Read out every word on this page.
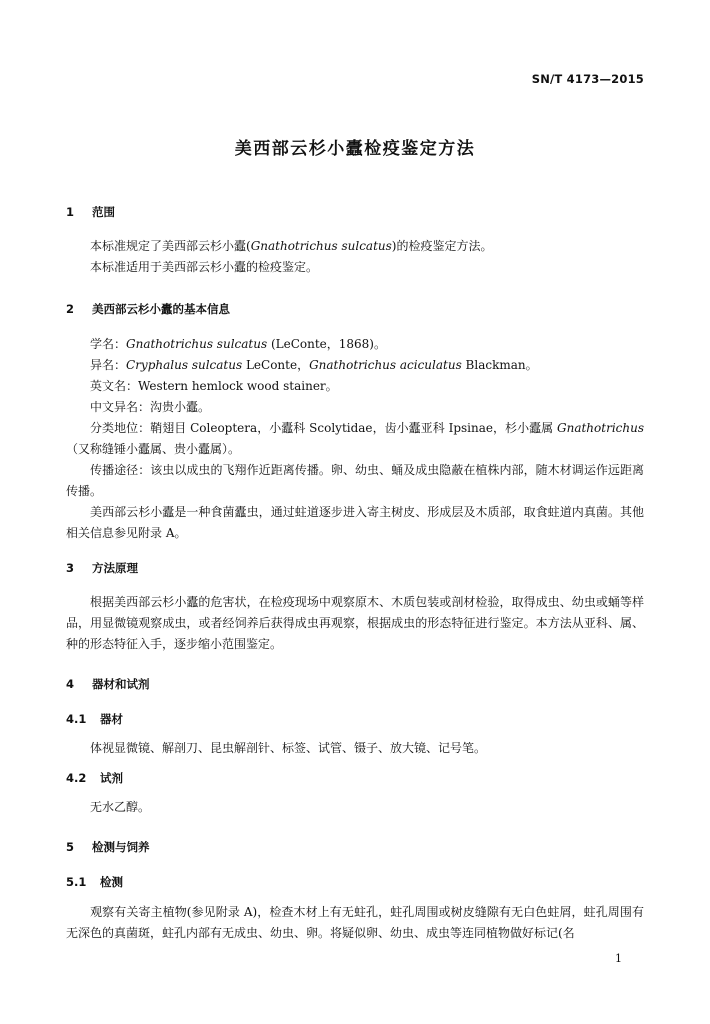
SN/T 4173—2015
美西部云杉小蠹检疫鉴定方法
1 范围
本标准规定了美西部云杉小蠹(Gnathotrichus sulcatus)的检疫鉴定方法。
本标准适用于美西部云杉小蠹的检疫鉴定。
2 美西部云杉小蠹的基本信息
学名：Gnathotrichus sulcatus (LeConte，1868)。
异名：Cryphalus sulcatus LeConte，Gnathotrichus aciculatus Blackman。
英文名：Western hemlock wood stainer。
中文异名：沟贵小蠹。
分类地位：鞘翅目 Coleoptera，小蠹科 Scolytidae，齿小蠹亚科 Ipsinae，杉小蠹属 Gnathotrichus（又称缝锤小蠹属、贵小蠹属）。
传播途径：该虫以成虫的飞翔作近距离传播。卵、幼虫、蛹及成虫隐蔽在植株内部，随木材调运作远距离传播。
美西部云杉小蠹是一种食菌蠹虫，通过蛀道逐步进入寄主树皮、形成层及木质部，取食蛀道内真菌。其他相关信息参见附录 A。
3 方法原理
根据美西部云杉小蠹的危害状，在检疫现场中观察原木、木质包装或剖材检验，取得成虫、幼虫或蛹等样品，用显微镜观察成虫，或者经饲养后获得成虫再观察，根据成虫的形态特征进行鉴定。本方法从亚科、属、种的形态特征入手，逐步缩小范围鉴定。
4 器材和试剂
4.1 器材
体视显微镜、解剖刀、昆虫解剖针、标签、试管、镊子、放大镜、记号笔。
4.2 试剂
无水乙醇。
5 检测与饲养
5.1 检测
观察有关寄主植物(参见附录 A)，检查木材上有无蛀孔，蛀孔周围或树皮缝隙有无白色蛀屑，蛀孔周围有无深色的真菌斑，蛀孔内部有无成虫、幼虫、卵。将疑似卵、幼虫、成虫等连同植物做好标记(名
1
